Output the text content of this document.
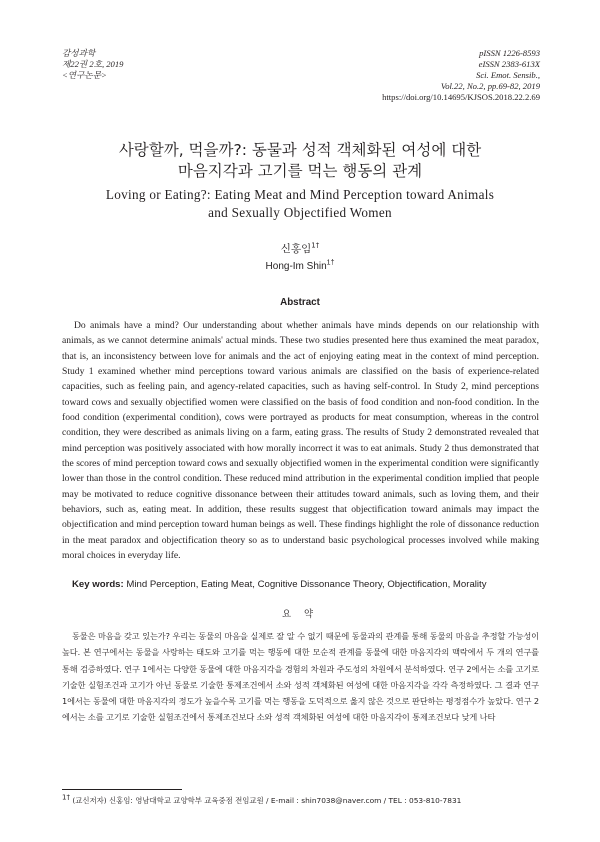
감성과학
제22권 2호, 2019
<연구논문>
pISSN 1226-8593
eISSN 2383-613X
Sci. Emot. Sensib.,
Vol.22, No.2, pp.69-82, 2019
https://doi.org/10.14695/KJSOS.2018.22.2.69
사랑할까, 먹을까?: 동물과 성적 객체화된 여성에 대한
마음지각과 고기를 먹는 행동의 관계
Loving or Eating?: Eating Meat and Mind Perception toward Animals
and Sexually Objectified Women
신홍임$^{1\dagger}$
Hong-Im Shin$^{1\dagger}$
Abstract

Do animals have a mind? Our understanding about whether animals have minds depends on our relationship with animals, as we cannot determine animals' actual minds. These two studies presented here thus examined the meat paradox, that is, an inconsistency between love for animals and the act of enjoying eating meat in the context of mind perception. Study 1 examined whether mind perceptions toward various animals are classified on the basis of experience-related capacities, such as feeling pain, and agency-related capacities, such as having self-control. In Study 2, mind perceptions toward cows and sexually objectified women were classified on the basis of food condition and non-food condition. In the food condition (experimental condition), cows were portrayed as products for meat consumption, whereas in the control condition, they were described as animals living on a farm, eating grass. The results of Study 2 demonstrated revealed that mind perception was positively associated with how morally incorrect it was to eat animals. Study 2 thus demonstrated that the scores of mind perception toward cows and sexually objectified women in the experimental condition were significantly lower than those in the control condition. These reduced mind attribution in the experimental condition implied that people may be motivated to reduce cognitive dissonance between their attitudes toward animals, such as loving them, and their behaviors, such as, eating meat. In addition, these results suggest that objectification toward animals may impact the objectification and mind perception toward human beings as well. These findings highlight the role of dissonance reduction in the meat paradox and objectification theory so as to understand basic psychological processes involved while making moral choices in everyday life.

Key words: Mind Perception, Eating Meat, Cognitive Dissonance Theory, Objectification, Morality
요 약

동물은 마음을 갖고 있는가? 우리는 동물의 마음을 실제로 잘 알 수 없기 때문에 동물과의 관계를 통해 동물의 마음을 추정할 가능성이 높다. 본 연구에서는 동물을 사랑하는 태도와 고기를 먹는 행동에 대한 모순적 관계를 동물에 대한 마음지각의 맥락에서 두 개의 연구를 통해 검증하였다. 연구 1에서는 다양한 동물에 대한 마음지각을 경험의 차원과 주도성의 차원에서 분석하였다. 연구 2에서는 소를 고기로 기술한 실험조건과 고기가 아닌 동물로 기술한 통제조건에서 소와 성적 객체화된 여성에 대한 마음지각을 각각 측정하였다. 그 결과 연구 1에서는 동물에 대한 마음지각의 정도가 높을수록 고기를 먹는 행동을 도덕적으로 옳지 않은 것으로 판단하는 평정점수가 높았다. 연구 2에서는 소를 고기로 기술한 실험조건에서 통제조건보다 소와 성적 객체화된 여성에 대한 마음지각이 통제조건보다 낮게 나타

$^{1\dagger}$ (교신저자) 신홍임: 영남대학교 교양학부 교육중점 전임교원 / E-mail : shin7038@naver.com / TEL : 053-810-7831
